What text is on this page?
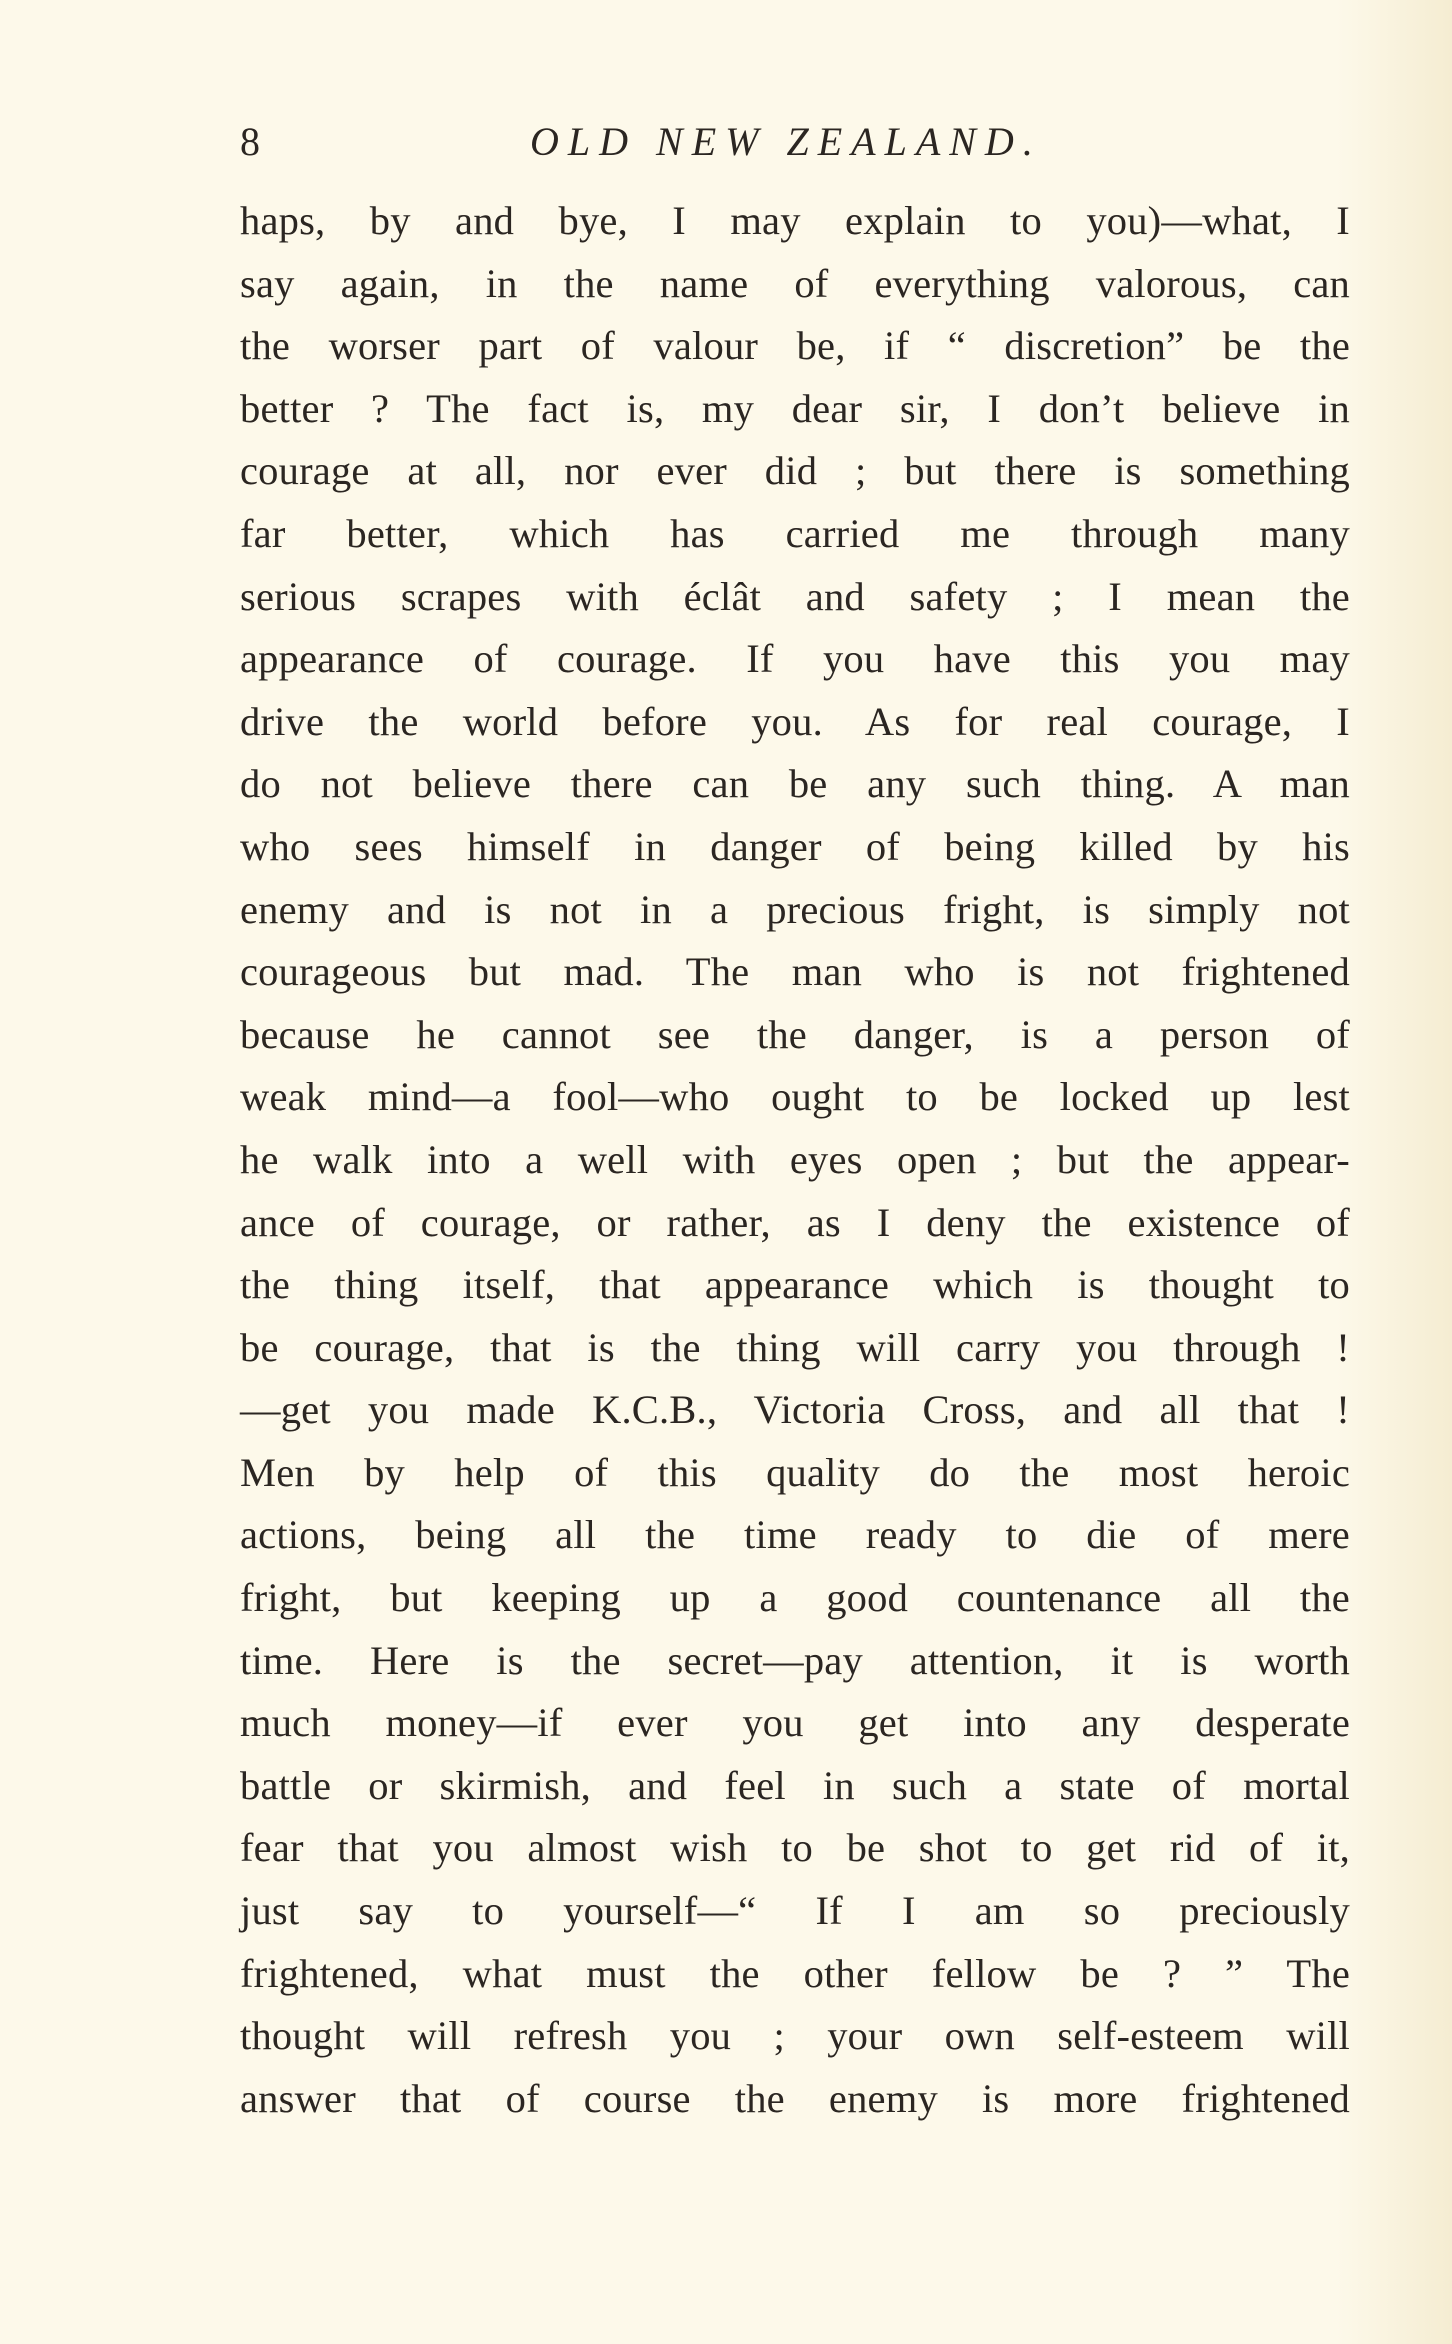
8	OLD NEW ZEALAND.
haps, by and bye, I may explain to you)—what, I
say again, in the name of everything valorous, can
the worser part of valour be, if “ discretion” be the
better ? The fact is, my dear sir, I don’t believe in
courage at all, nor ever did ; but there is something
far better, which has carried me through many
serious scrapes with éclât and safety ; I mean the
appearance of courage. If you have this you may
drive the world before you. As for real courage, I
do not believe there can be any such thing. A man
who sees himself in danger of being killed by his
enemy and is not in a precious fright, is simply not
courageous but mad. The man who is not frightened
because he cannot see the danger, is a person of
weak mind—a fool—who ought to be locked up lest
he walk into a well with eyes open ; but the appear-
ance of courage, or rather, as I deny the existence of
the thing itself, that appearance which is thought to
be courage, that is the thing will carry you through !
—get you made K.C.B., Victoria Cross, and all that !
Men by help of this quality do the most heroic
actions, being all the time ready to die of mere
fright, but keeping up a good countenance all the
time. Here is the secret—pay attention, it is worth
much money—if ever you get into any desperate
battle or skirmish, and feel in such a state of mortal
fear that you almost wish to be shot to get rid of it,
just say to yourself—“ If I am so preciously
frightened, what must the other fellow be ? ” The
thought will refresh you ; your own self-esteem will
answer that of course the enemy is more frightened
